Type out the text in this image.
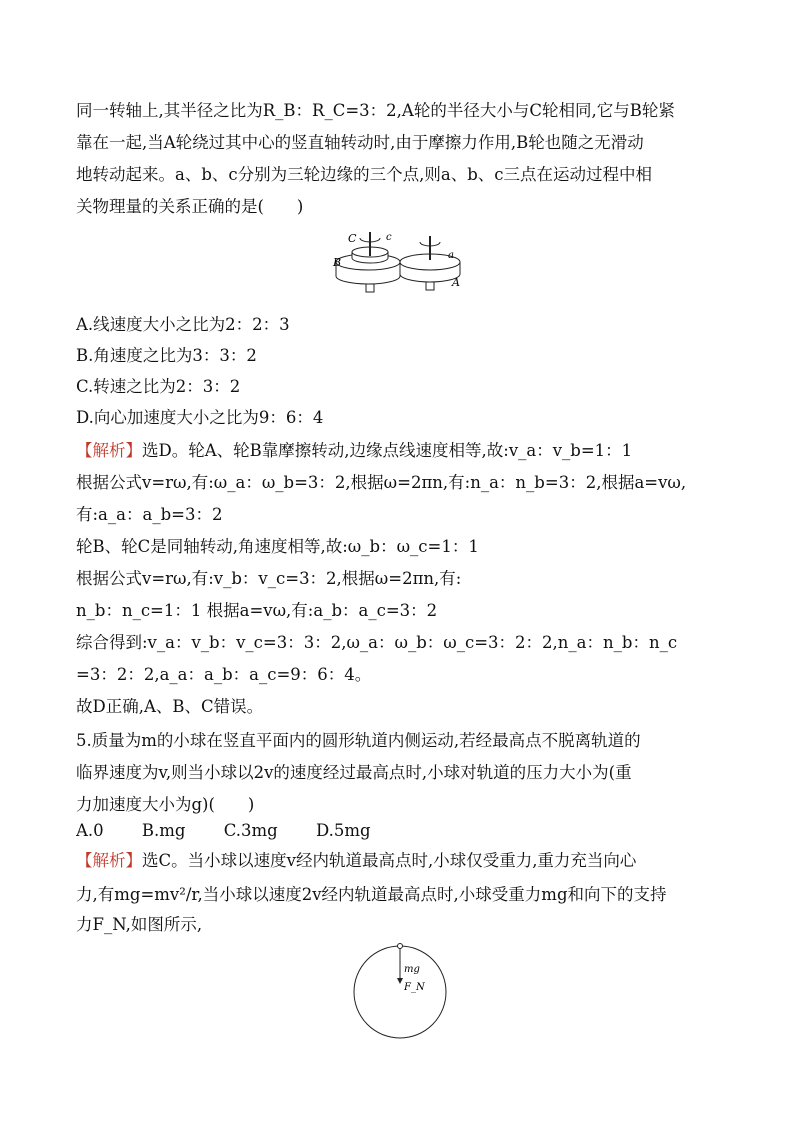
同一转轴上,其半径之比为R_B：R_C=3：2,A轮的半径大小与C轮相同,它与B轮紧
靠在一起,当A轮绕过其中心的竖直轴转动时,由于摩擦力作用,B轮也随之无滑动
地转动起来。a、b、c分别为三轮边缘的三个点,则a、b、c三点在运动过程中相
关物理量的关系正确的是(　　)
C	c
B
a
A
A.线速度大小之比为2：2：3
B.角速度之比为3：3：2
C.转速之比为2：3：2
D.向心加速度大小之比为9：6：4
【解析】选D。轮A、轮B靠摩擦转动,边缘点线速度相等,故:v_a：v_b=1：1
根据公式v=rω,有:ω_a：ω_b=3：2,根据ω=2πn,有:n_a：n_b=3：2,根据a=vω,
有:a_a：a_b=3：2
轮B、轮C是同轴转动,角速度相等,故:ω_b：ω_c=1：1
根据公式v=rω,有:v_b：v_c=3：2,根据ω=2πn,有:
n_b：n_c=1：1 根据a=vω,有:a_b：a_c=3：2
综合得到:v_a：v_b：v_c=3：3：2,ω_a：ω_b：ω_c=3：2：2,n_a：n_b：n_c
=3：2：2,a_a：a_b：a_c=9：6：4。
故D正确,A、B、C错误。
5.质量为m的小球在竖直平面内的圆形轨道内侧运动,若经最高点不脱离轨道的
临界速度为v,则当小球以2v的速度经过最高点时,小球对轨道的压力大小为(重
力加速度大小为g)(　　)
A.0　　 B.mg　　 C.3mg　　 D.5mg
【解析】选C。当小球以速度v经内轨道最高点时,小球仅受重力,重力充当向心
力,有mg=mv²/r,当小球以速度2v经内轨道最高点时,小球受重力mg和向下的支持
力F_N,如图所示,
mg
F_N
